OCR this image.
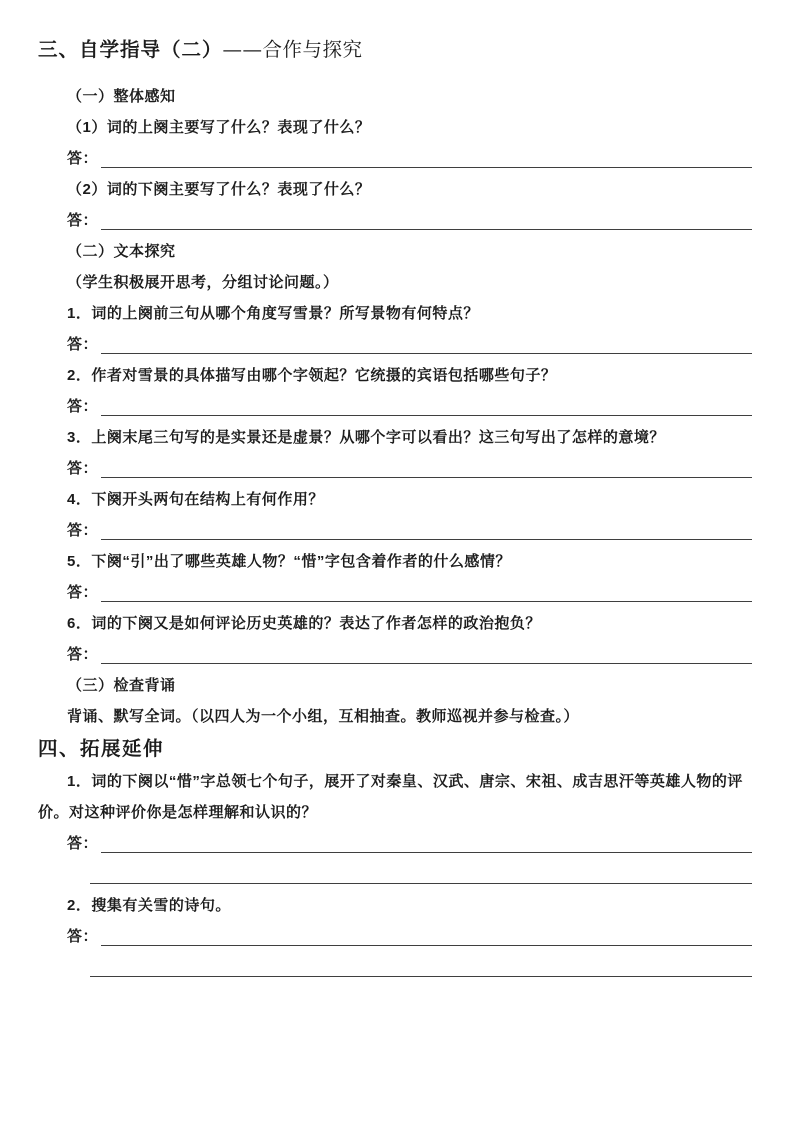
三、自学指导（二）——合作与探究
（一）整体感知
（1）词的上阕主要写了什么？表现了什么？
答：
（2）词的下阕主要写了什么？表现了什么？
答：
（二）文本探究
（学生积极展开思考，分组讨论问题。）
1．词的上阕前三句从哪个角度写雪景？所写景物有何特点？
答：
2．作者对雪景的具体描写由哪个字领起？它统摄的宾语包括哪些句子？
答：
3．上阕末尾三句写的是实景还是虚景？从哪个字可以看出？这三句写出了怎样的意境？
答：
4．下阕开头两句在结构上有何作用？
答：
5．下阕“引”出了哪些英雄人物？“惜”字包含着作者的什么感情？
答：
6．词的下阕又是如何评论历史英雄的？表达了作者怎样的政治抱负？
答：
（三）检查背诵
背诵、默写全词。（以四人为一个小组，互相抽查。教师巡视并参与检查。）
四、拓展延伸
1．词的下阕以“惜”字总领七个句子，展开了对秦皇、汉武、唐宗、宋祖、成吉思汗等英雄人物的评价。对这种评价你是怎样理解和认识的？
答：
2．搜集有关雪的诗句。
答：
